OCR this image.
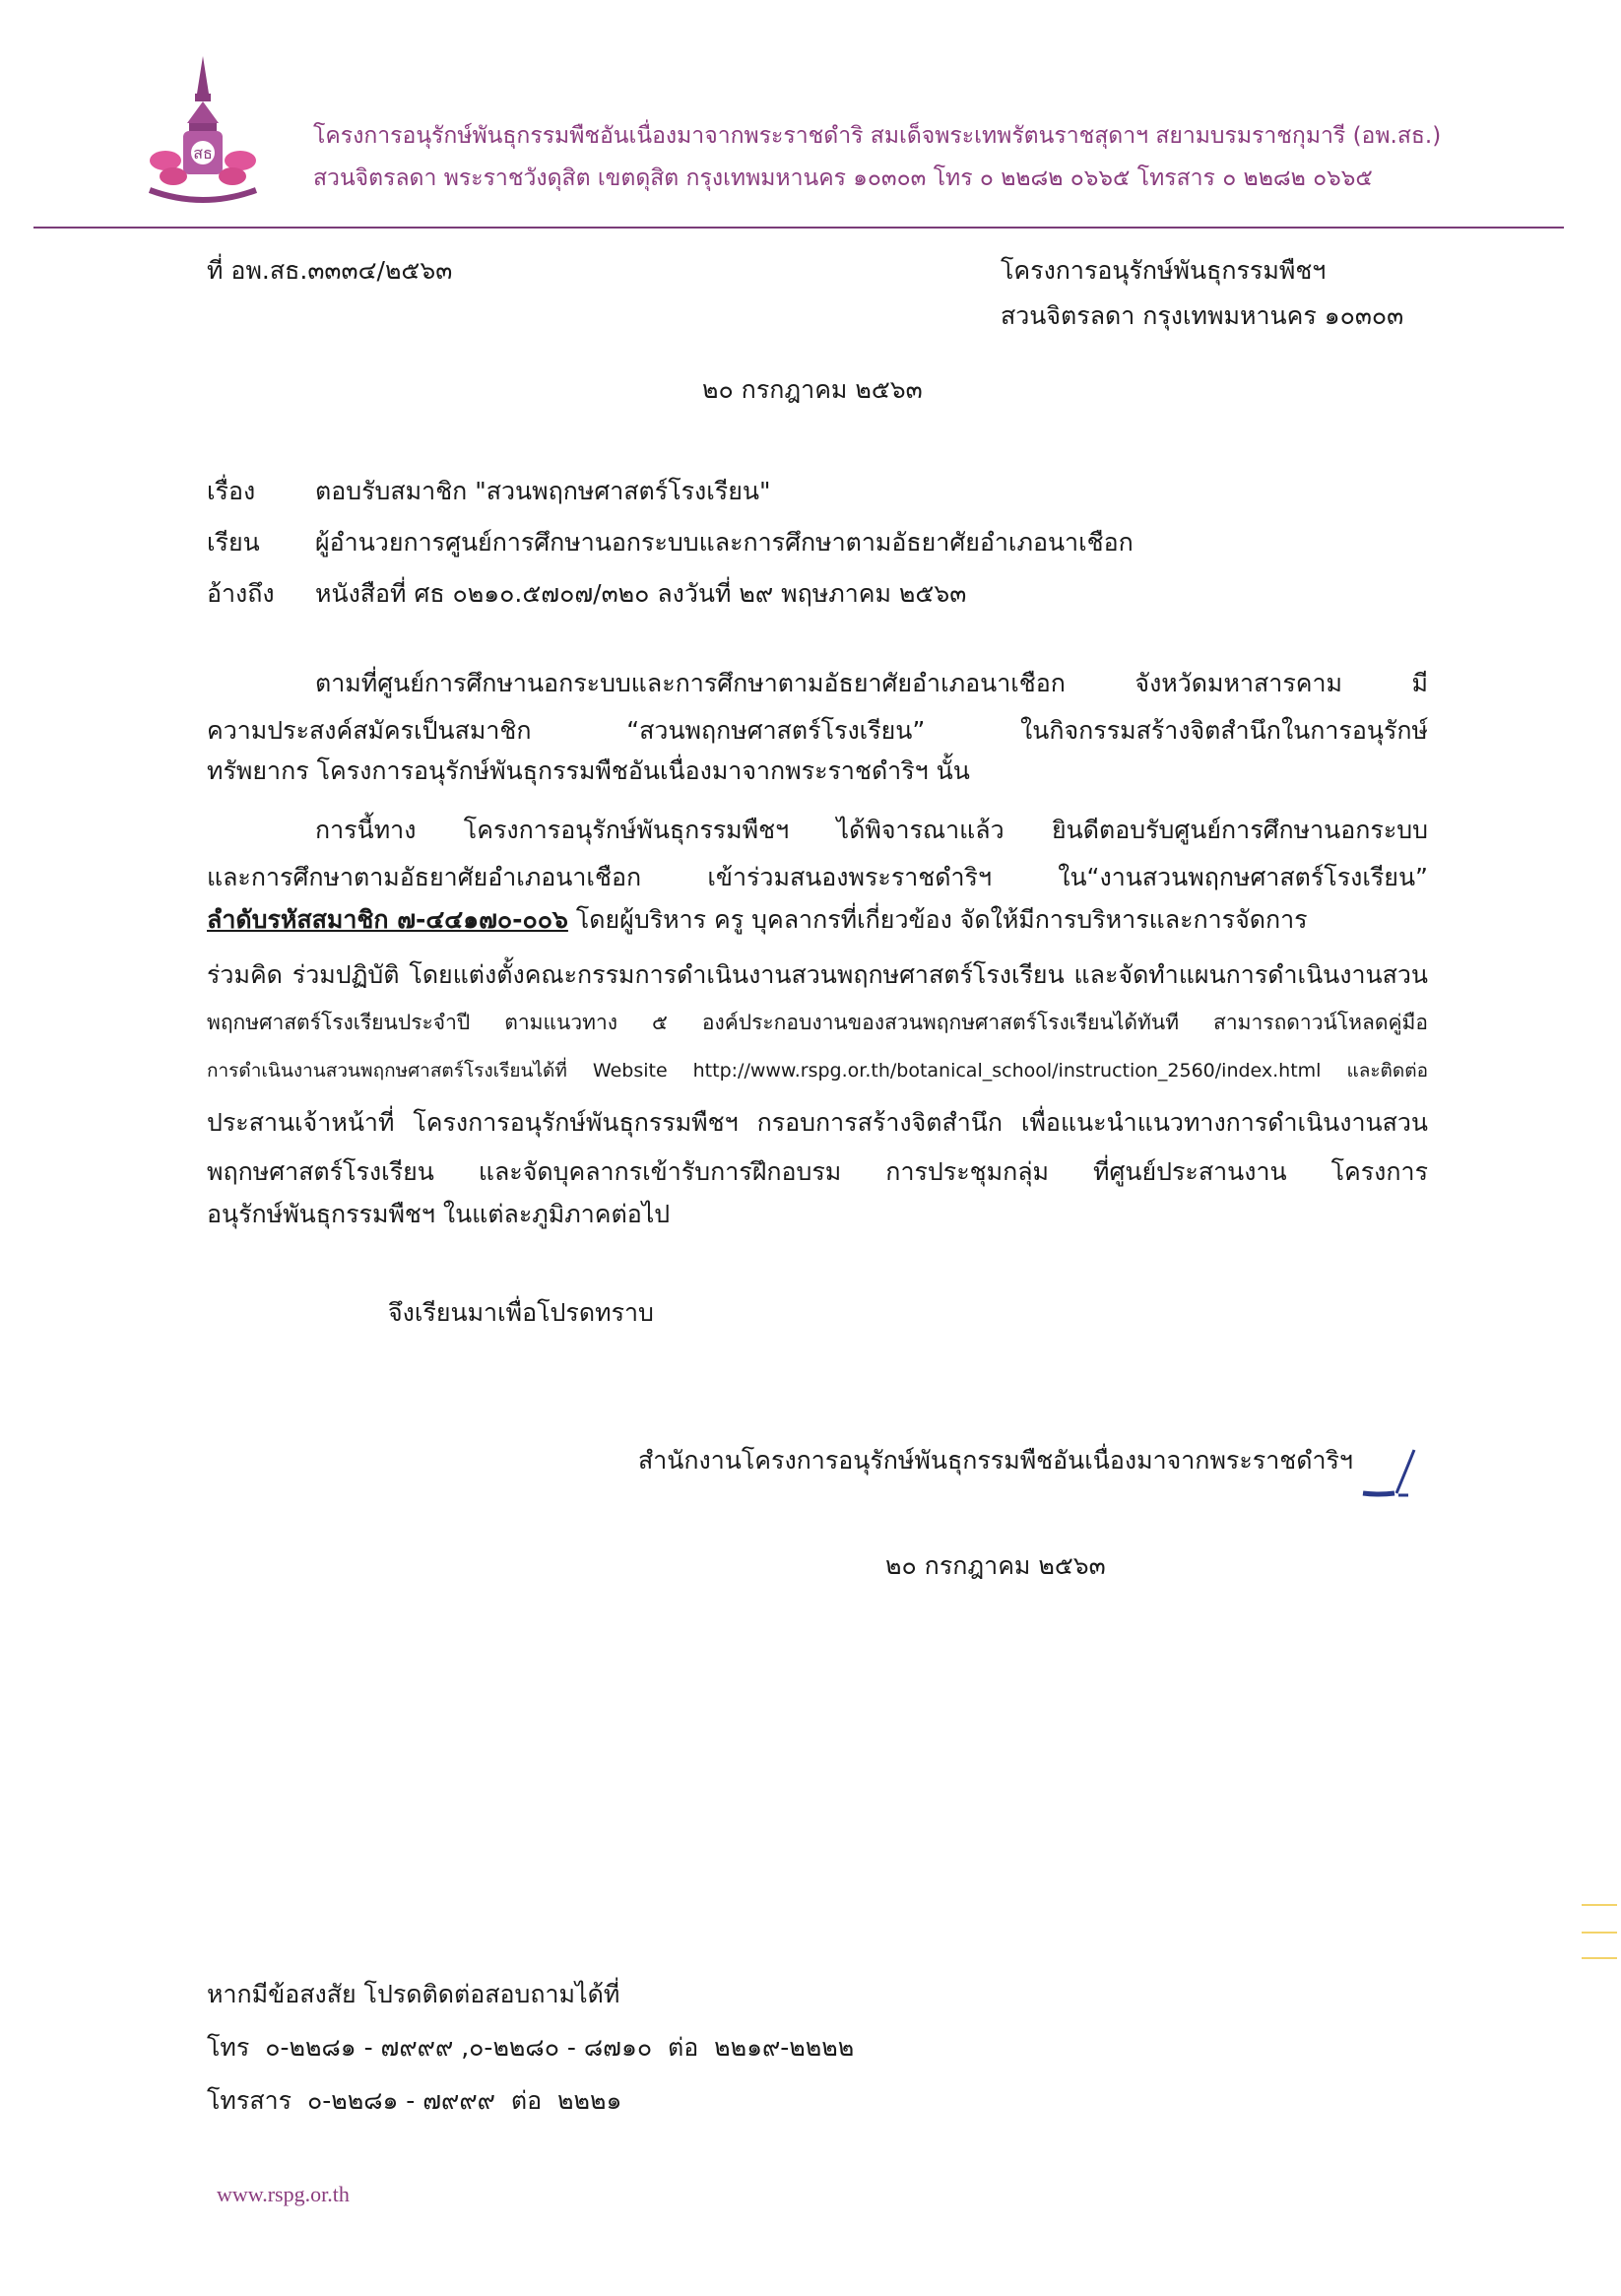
สธ
โครงการอนุรักษ์พันธุกรรมพืชอันเนื่องมาจากพระราชดำริ สมเด็จพระเทพรัตนราชสุดาฯ สยามบรมราชกุมารี (อพ.สธ.)
สวนจิตรลดา พระราชวังดุสิต เขตดุสิต กรุงเทพมหานคร ๑๐๓๐๓ โทร ๐ ๒๒๘๒ ๐๖๖๕ โทรสาร ๐ ๒๒๘๒ ๐๖๖๕
ที่ อพ.สธ.๓๓๓๔/๒๕๖๓	โครงการอนุรักษ์พันธุกรรมพืชฯ
สวนจิตรลดา กรุงเทพมหานคร ๑๐๓๐๓
๒๐ กรกฎาคม ๒๕๖๓
เรื่อง ตอบรับสมาชิก "สวนพฤกษศาสตร์โรงเรียน"
เรียน ผู้อำนวยการศูนย์การศึกษานอกระบบและการศึกษาตามอัธยาศัยอำเภอนาเชือก
อ้างถึง หนังสือที่ ศธ ๐๒๑๐.๕๗๐๗/๓๒๐ ลงวันที่ ๒๙ พฤษภาคม ๒๕๖๓
ตามที่ศูนย์การศึกษานอกระบบและการศึกษาตามอัธยาศัยอำเภอนาเชือก จังหวัดมหาสารคาม มี
ความประสงค์สมัครเป็นสมาชิก “สวนพฤกษศาสตร์โรงเรียน” ในกิจกรรมสร้างจิตสำนึกในการอนุรักษ์
ทรัพยากร โครงการอนุรักษ์พันธุกรรมพืชอันเนื่องมาจากพระราชดำริฯ นั้น
การนี้ทาง โครงการอนุรักษ์พันธุกรรมพืชฯ ได้พิจารณาแล้ว ยินดีตอบรับศูนย์การศึกษานอกระบบ
และการศึกษาตามอัธยาศัยอำเภอนาเชือก เข้าร่วมสนองพระราชดำริฯ ใน“งานสวนพฤกษศาสตร์โรงเรียน”
ลำดับรหัสสมาชิก ๗-๔๔๑๗๐-๐๐๖ โดยผู้บริหาร ครู บุคลากรที่เกี่ยวข้อง จัดให้มีการบริหารและการจัดการ
ร่วมคิด ร่วมปฏิบัติ โดยแต่งตั้งคณะกรรมการดำเนินงานสวนพฤกษศาสตร์โรงเรียน และจัดทำแผนการดำเนินงานสวน
พฤกษศาสตร์โรงเรียนประจำปี ตามแนวทาง ๕ องค์ประกอบงานของสวนพฤกษศาสตร์โรงเรียนได้ทันที สามารถดาวน์โหลดคู่มือ
การดำเนินงานสวนพฤกษศาสตร์โรงเรียนได้ที่ Website http://www.rspg.or.th/botanical_school/instruction_2560/index.html และติดต่อ
ประสานเจ้าหน้าที่ โครงการอนุรักษ์พันธุกรรมพืชฯ กรอบการสร้างจิตสำนึก เพื่อแนะนำแนวทางการดำเนินงานสวน
พฤกษศาสตร์โรงเรียน และจัดบุคลากรเข้ารับการฝึกอบรม การประชุมกลุ่ม ที่ศูนย์ประสานงาน โครงการ
อนุรักษ์พันธุกรรมพืชฯ ในแต่ละภูมิภาคต่อไป
จึงเรียนมาเพื่อโปรดทราบ
สำนักงานโครงการอนุรักษ์พันธุกรรมพืชอันเนื่องมาจากพระราชดำริฯ
๒๐ กรกฎาคม ๒๕๖๓
หากมีข้อสงสัย โปรดติดต่อสอบถามได้ที่
โทร  ๐-๒๒๘๑ - ๗๙๙๙ ,๐-๒๒๘๐ - ๘๗๑๐  ต่อ  ๒๒๑๙-๒๒๒๒
โทรสาร  ๐-๒๒๘๑ - ๗๙๙๙  ต่อ  ๒๒๒๑
www.rspg.or.th
